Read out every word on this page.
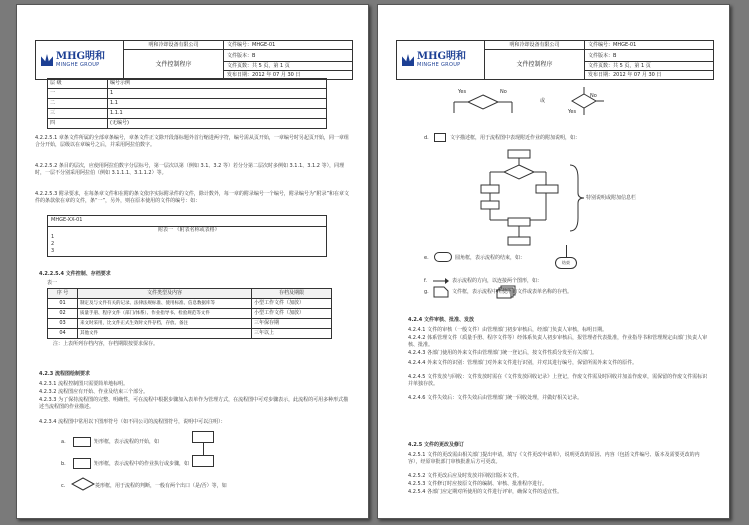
MHG明和
MINGHE GROUP	明和冷却设备有限公司	文件编号：MHGE-01
	文件控制程序	文件版本：B
		文件页数：共 5 页，第 1 页
		发布日期：2012 年 07 月 30 日
层 级	编号示例
一	1
二	1.1
三	1.1.1
四	(无编号)
4.2.2.5.1 章条文件所属的全部章条编号，章条文件正文除开段落标题外首行缩进两字符，编号需从页开始，一章编号时另起页开始，同一章组合分开始，层级以在章编号之后，并采用阿拉伯数字。
4.2.2.5.2 条目的层次，应使用阿拉伯数字分层标号，第一层次以第（例如 3.1、3.2 等）若分分第二层次时多例如 3.1.1、3.1.2 等），同理时，一层不分别采用阿拉伯（例如 3.1.1.1、3.1.1.2）等。
4.2.2.5.3 附录要求，在每条章文件和在附的条文依序实际附录件的文件，除计数外，每一章的附录编号一个编号，附录编号为“附录”和在章文件的条款依在章的文件，条“一”，另外，则在原本使用的文件的编号：如：
MHGE-XX-01
附表一 《附表名称或表格》
1
2
3
4.2.2.5.4 文件控制、存档要求
表一
序 号	文件类型及内容	存档及期限
01	制定及与文件有关的记录、法律法规标准、使用标准、信息数据库等	小型工作文件（加放）
02	质量手册、程序文件（部门/体系）、作业指导书、检验规范等文件	小型工作文件（加放）
03	来文时采用，比文件正式生效时文件存档，存放、备注	三年保存期
04	其他文件	三年以上
注：上表所列存档内容，存档期限按要求保存。
4.2.3 流程图绘制要求
4.2.3.1 流程控制图只需要简单地标明。
4.2.3.2 流程图应有开始、作业及结束三个部分。
4.2.3.3 为了保持流程图的完整、明确性，可在流程中根据步骤加入表单作为管理方式，在流程图中可对步骤表示，此流程的可用多种形式描述当流程图的作业描述。
4.2.3.4 流程图中常用以下图形符号（如不同公司的流程图符号，说明中可以注明）：
a.	矩形框，表示流程的开始，如
b.	矩形框，表示流程中的作业执行或步骤，如
c.	菱形框，用于流程的判断，一般有两个出口（是/否）等，如
MHG明和
MINGHE GROUP	明和冷却设备有限公司	文件编号：MHGE-01
	文件控制程序	文件版本：B
		文件页数：共 5 页，第 1 页
		发布日期：2012 年 07 月 30 日
Yes	No
或
Yes
No
d.	文字描述框，用于流程图中表现附近作业的附加说明，如：
特别说明或附加信息栏
e.	圆角框，表示流程的结束，如：
结束
f.	表示流程的方向，以连接两个图形，如：
g.	文件框，表示流程中所使用的文件或表单名称的存档。
4.2.4 文件审核、批准、发放
4.2.4.1 文件的审核（一般文件）由管理部门初步审核后，经部门负责人审核，标明日期。
4.2.4.2 体系管理文件（质量手册、程序文件等）经体系负责人初步审核后，报管理者代表批准，作业指导书和管理规定由部门负责人审核、批准。
4.2.4.3 各部门使用的外来文件由管理部门统一登记后，按文件性质分发至有关部门。
4.2.4.4 外来文件的识别：管理部门对外来文件进行识别，并对其进行编号，保留所需外来文件的原件。
4.2.4.5 文件发放与回收：文件发放时需在《文件发放回收记录》上登记，作废文件需及时回收并加盖作废章，需保留的作废文件需标识并单独存放。
4.2.4.6 文件失效后：文件失效后由管理部门统一回收处理，并做好相关记录。
4.2.5 文件的更改及修订
4.2.5.1 文件的更改需由相关部门提出申请，填写《文件更改申请单》，说明更改的原因、内容（包括文件编号、版本及需要更改的内容），经原审批部门审核批准后方可更改。
4.2.5.2 文件更改后应及时发放并回收旧版本文件。
4.2.5.3 文件修订时应按原文件的编制、审核、批准程序进行。
4.2.5.4 各部门应定期对所使用的文件进行评审，确保文件的适宜性。
